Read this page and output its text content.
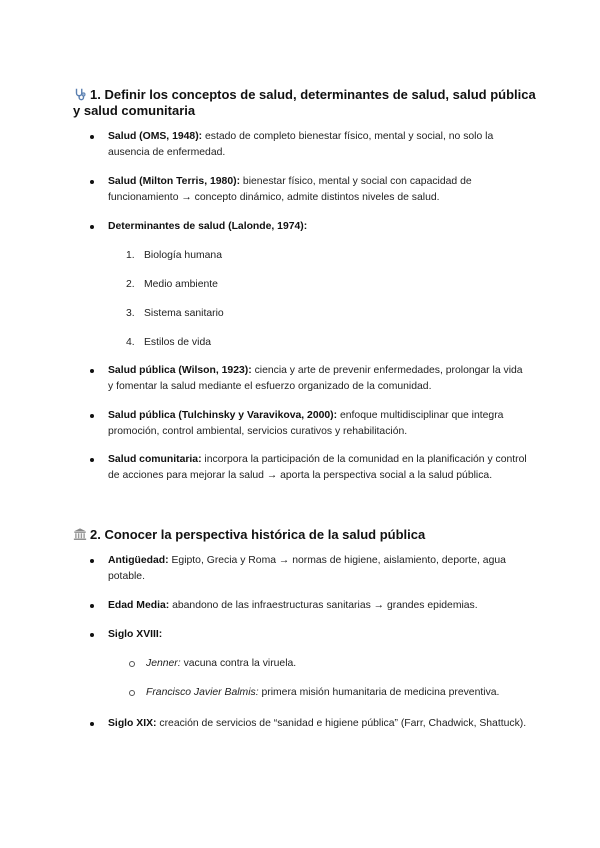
1. Definir los conceptos de salud, determinantes de salud, salud pública y salud comunitaria
Salud (OMS, 1948): estado de completo bienestar físico, mental y social, no solo la ausencia de enfermedad.
Salud (Milton Terris, 1980): bienestar físico, mental y social con capacidad de funcionamiento → concepto dinámico, admite distintos niveles de salud.
Determinantes de salud (Lalonde, 1974):
1. Biología humana
2. Medio ambiente
3. Sistema sanitario
4. Estilos de vida
Salud pública (Wilson, 1923): ciencia y arte de prevenir enfermedades, prolongar la vida y fomentar la salud mediante el esfuerzo organizado de la comunidad.
Salud pública (Tulchinsky y Varavikova, 2000): enfoque multidisciplinar que integra promoción, control ambiental, servicios curativos y rehabilitación.
Salud comunitaria: incorpora la participación de la comunidad en la planificación y control de acciones para mejorar la salud → aporta la perspectiva social a la salud pública.
2. Conocer la perspectiva histórica de la salud pública
Antigüedad: Egipto, Grecia y Roma → normas de higiene, aislamiento, deporte, agua potable.
Edad Media: abandono de las infraestructuras sanitarias → grandes epidemias.
Siglo XVIII:
Jenner: vacuna contra la viruela.
Francisco Javier Balmis: primera misión humanitaria de medicina preventiva.
Siglo XIX: creación de servicios de “sanidad e higiene pública” (Farr, Chadwick, Shattuck).
